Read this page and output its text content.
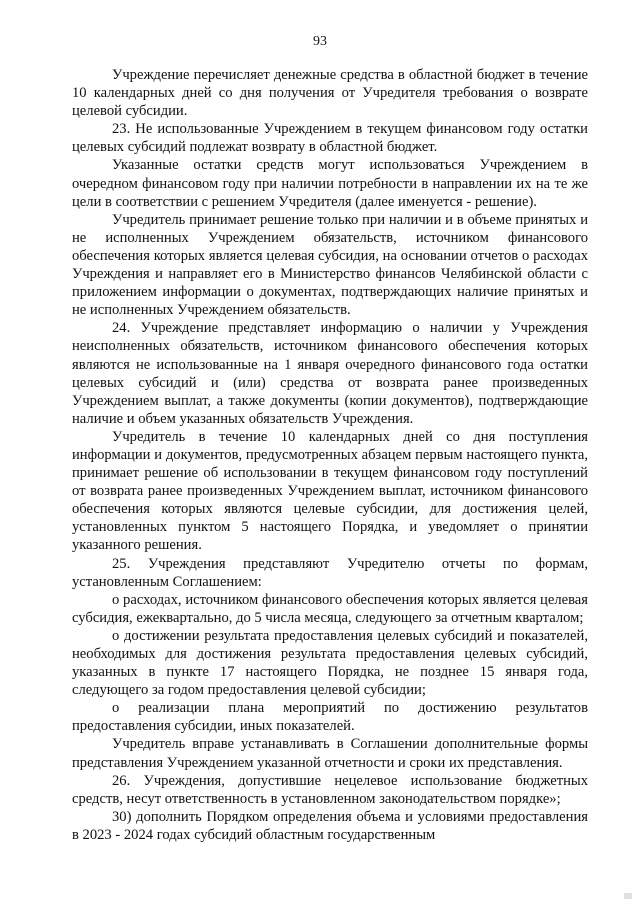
93

Учреждение перечисляет денежные средства в областной бюджет в течение 10 календарных дней со дня получения от Учредителя требования о возврате целевой субсидии.

23. Не использованные Учреждением в текущем финансовом году остатки целевых субсидий подлежат возврату в областной бюджет.

Указанные остатки средств могут использоваться Учреждением в очередном финансовом году при наличии потребности в направлении их на те же цели в соответствии с решением Учредителя (далее именуется - решение).

Учредитель принимает решение только при наличии и в объеме принятых и не исполненных Учреждением обязательств, источником финансового обеспечения которых является целевая субсидия, на основании отчетов о расходах Учреждения и направляет его в Министерство финансов Челябинской области с приложением информации о документах, подтверждающих наличие принятых и не исполненных Учреждением обязательств.

24. Учреждение представляет информацию о наличии у Учреждения неисполненных обязательств, источником финансового обеспечения которых являются не использованные на 1 января очередного финансового года остатки целевых субсидий и (или) средства от возврата ранее произведенных Учреждением выплат, а также документы (копии документов), подтверждающие наличие и объем указанных обязательств Учреждения.

Учредитель в течение 10 календарных дней со дня поступления информации и документов, предусмотренных абзацем первым настоящего пункта, принимает решение об использовании в текущем финансовом году поступлений от возврата ранее произведенных Учреждением выплат, источником финансового обеспечения которых являются целевые субсидии, для достижения целей, установленных пунктом 5 настоящего Порядка, и уведомляет о принятии указанного решения.

25. Учреждения представляют Учредителю отчеты по формам, установленным Соглашением:

о расходах, источником финансового обеспечения которых является целевая субсидия, ежеквартально, до 5 числа месяца, следующего за отчетным кварталом;

о достижении результата предоставления целевых субсидий и показателей, необходимых для достижения результата предоставления целевых субсидий, указанных в пункте 17 настоящего Порядка, не позднее 15 января года, следующего за годом предоставления целевой субсидии;

о реализации плана мероприятий по достижению результатов предоставления субсидии, иных показателей.

Учредитель вправе устанавливать в Соглашении дополнительные формы представления Учреждением указанной отчетности и сроки их представления.

26. Учреждения, допустившие нецелевое использование бюджетных средств, несут ответственность в установленном законодательством порядке»;

30) дополнить Порядком определения объема и условиями предоставления в 2023 - 2024 годах субсидий областным государственным
